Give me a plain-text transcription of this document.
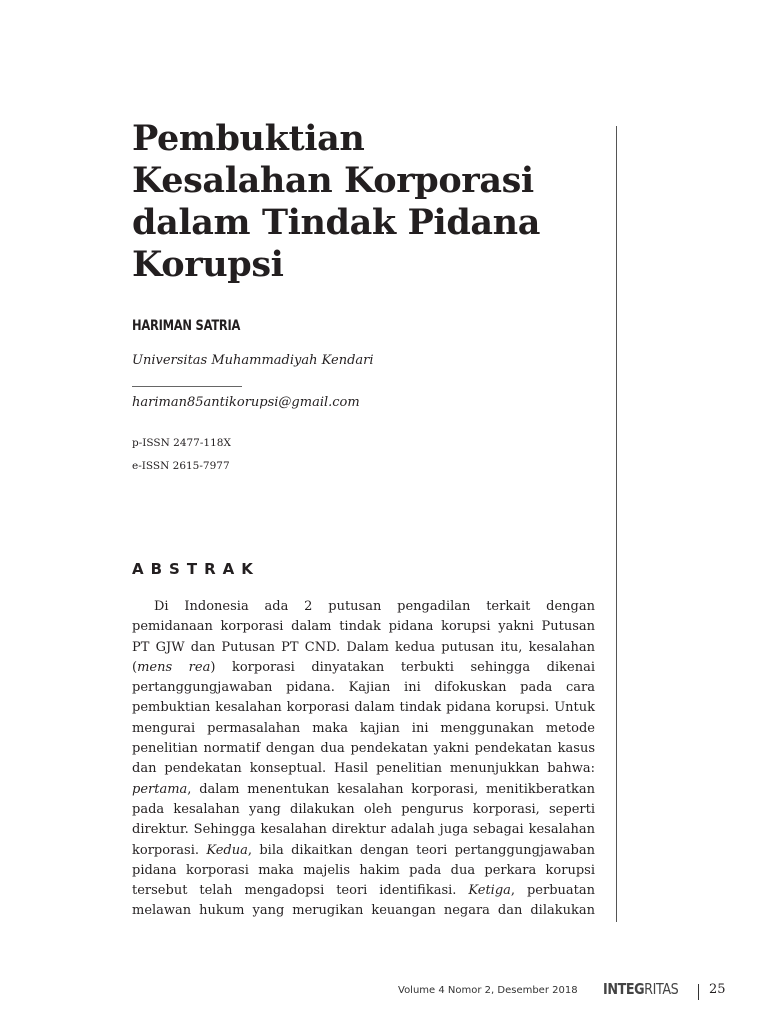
Pembuktian
Kesalahan Korporasi
dalam Tindak Pidana
Korupsi
HARIMAN SATRIA
Universitas Muhammadiyah Kendari
hariman85antikorupsi@gmail.com
p-ISSN 2477-118X
e-ISSN 2615-7977
ABSTRAK
Di Indonesia ada 2 putusan pengadilan terkait dengan
pemidanaan korporasi dalam tindak pidana korupsi yakni Putusan
PT GJW dan Putusan PT CND. Dalam kedua putusan itu, kesalahan
(mens rea) korporasi dinyatakan terbukti sehingga dikenai
pertanggungjawaban pidana. Kajian ini difokuskan pada cara
pembuktian kesalahan korporasi dalam tindak pidana korupsi. Untuk
mengurai permasalahan maka kajian ini menggunakan metode
penelitian normatif dengan dua pendekatan yakni pendekatan kasus
dan pendekatan konseptual. Hasil penelitian menunjukkan bahwa:
pertama, dalam menentukan kesalahan korporasi, menitikberatkan
pada kesalahan yang dilakukan oleh pengurus korporasi, seperti
direktur. Sehingga kesalahan direktur adalah juga sebagai kesalahan
korporasi. Kedua, bila dikaitkan dengan teori pertanggungjawaban
pidana korporasi maka majelis hakim pada dua perkara korupsi
tersebut telah mengadopsi teori identifikasi. Ketiga, perbuatan
melawan hukum yang merugikan keuangan negara dan dilakukan
Volume 4 Nomor 2, Desember 2018 INTEGRITAS 25
